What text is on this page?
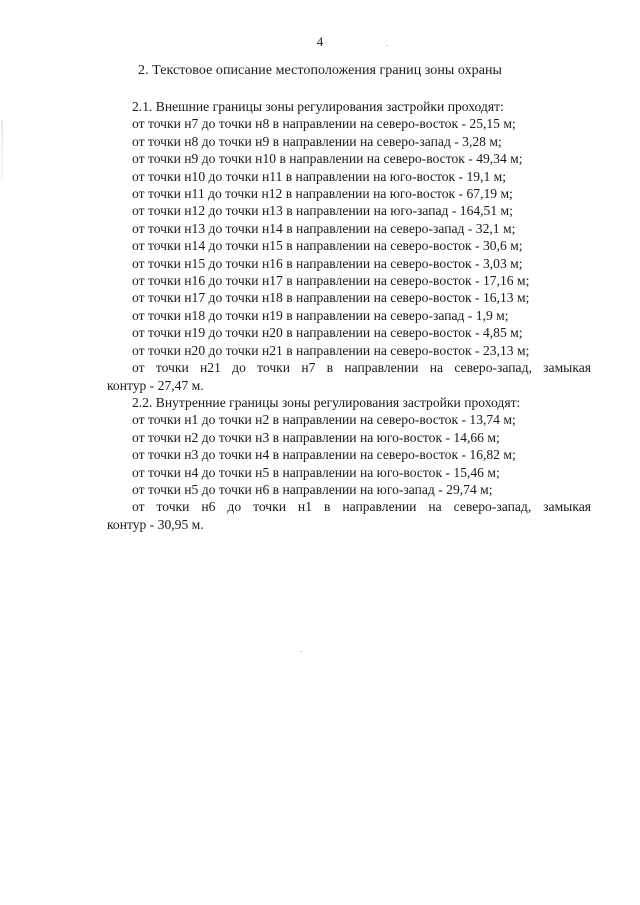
4
2. Текстовое описание местоположения границ зоны охраны
2.1. Внешние границы зоны регулирования застройки проходят:
от точки н7 до точки н8 в направлении на северо-восток - 25,15 м;
от точки н8 до точки н9 в направлении на северо-запад - 3,28 м;
от точки н9 до точки н10 в направлении на северо-восток - 49,34 м;
от точки н10 до точки н11 в направлении на юго-восток - 19,1 м;
от точки н11 до точки н12 в направлении на юго-восток - 67,19 м;
от точки н12 до точки н13 в направлении на юго-запад - 164,51 м;
от точки н13 до точки н14 в направлении на северо-запад - 32,1 м;
от точки н14 до точки н15 в направлении на северо-восток - 30,6 м;
от точки н15 до точки н16 в направлении на северо-восток - 3,03 м;
от точки н16 до точки н17 в направлении на северо-восток - 17,16 м;
от точки н17 до точки н18 в направлении на северо-восток - 16,13 м;
от точки н18 до точки н19 в направлении на северо-запад - 1,9 м;
от точки н19 до точки н20 в направлении на северо-восток - 4,85 м;
от точки н20 до точки н21 в направлении на северо-восток - 23,13 м;
от точки н21 до точки н7 в направлении на северо-запад, замыкая
контур - 27,47 м.
2.2. Внутренние границы зоны регулирования застройки проходят:
от точки н1 до точки н2 в направлении на северо-восток - 13,74 м;
от точки н2 до точки н3 в направлении на юго-восток - 14,66 м;
от точки н3 до точки н4 в направлении на северо-восток - 16,82 м;
от точки н4 до точки н5 в направлении на юго-восток - 15,46 м;
от точки н5 до точки н6 в направлении на юго-запад - 29,74 м;
от точки н6 до точки н1 в направлении на северо-запад, замыкая
контур - 30,95 м.
